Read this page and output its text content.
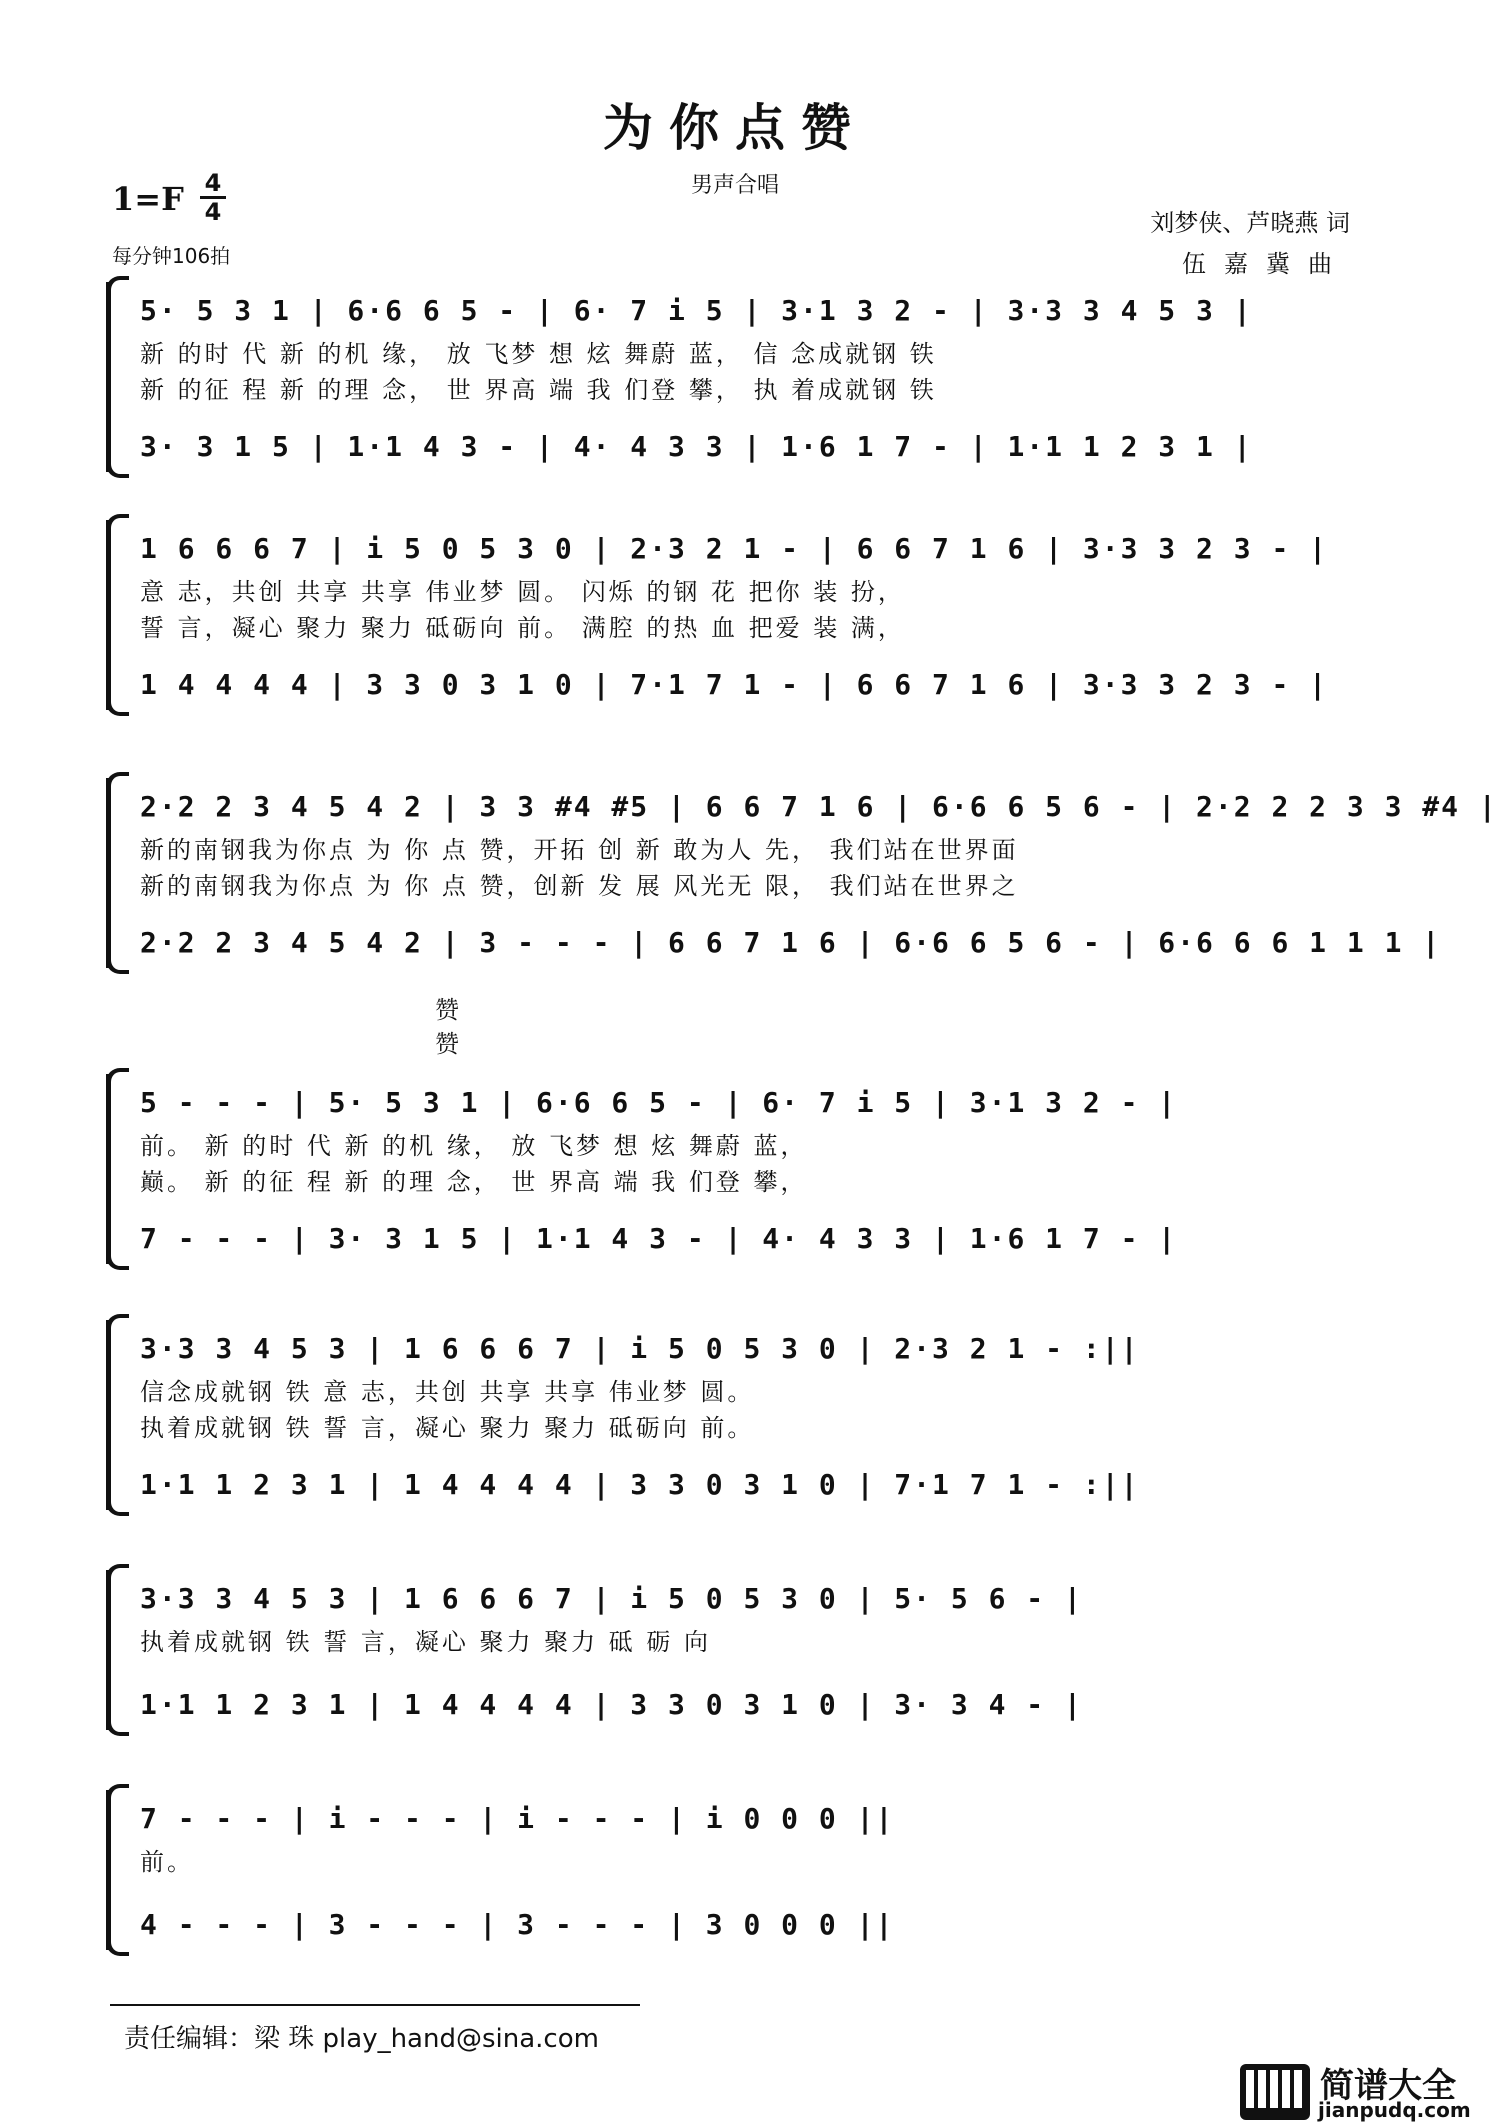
为你点赞
男声合唱
1=F 4
4
每分钟106拍
刘梦侠、芦晓燕 词
伍嘉冀曲
5· 5 3 1 | 6·6 6 5 - | 6· 7 i 5 | 3·1 3 2 - | 3·3 3 4 5 3 |
新 的时 代 新 的机 缘， 放 飞梦 想 炫 舞蔚 蓝， 信 念成就钢 铁
新 的征 程 新 的理 念， 世 界高 端 我 们登 攀， 执 着成就钢 铁
3· 3 1 5 | 1·1 4 3 - | 4· 4 3 3 | 1·6 1 7 - | 1·1 1 2 3 1 |
1 6 6 6 7 | i 5 0 5 3 0 | 2·3 2 1 - | 6 6 7 1 6 | 3·3 3 2 3 - |
意 志，共创 共享 共享 伟业梦 圆。 闪烁 的钢 花 把你 装 扮，
誓 言，凝心 聚力 聚力 砥砺向 前。 满腔 的热 血 把爱 装 满，
1 4 4 4 4 | 3 3 0 3 1 0 | 7·1 7 1 - | 6 6 7 1 6 | 3·3 3 2 3 - |
2·2 2 3 4 5 4 2 | 3 3 #4 #5 | 6 6 7 1 6 | 6·6 6 5 6 - | 2·2 2 2 3 3 #4 |
新的南钢我为你点 为 你 点 赞，开拓 创 新 敢为人 先， 我们站在世界面
新的南钢我为你点 为 你 点 赞，创新 发 展 风光无 限， 我们站在世界之
2·2 2 3 4 5 4 2 | 3 - - - | 6 6 7 1 6 | 6·6 6 5 6 - | 6·6 6 6 1 1 1 |
赞
赞
5 - - - | 5· 5 3 1 | 6·6 6 5 - | 6· 7 i 5 | 3·1 3 2 - |
前。 新 的时 代 新 的机 缘， 放 飞梦 想 炫 舞蔚 蓝，
巅。 新 的征 程 新 的理 念， 世 界高 端 我 们登 攀，
7 - - - | 3· 3 1 5 | 1·1 4 3 - | 4· 4 3 3 | 1·6 1 7 - |
3·3 3 4 5 3 | 1 6 6 6 7 | i 5 0 5 3 0 | 2·3 2 1 - :||
信念成就钢 铁 意 志，共创 共享 共享 伟业梦 圆。
执着成就钢 铁 誓 言，凝心 聚力 聚力 砥砺向 前。
1·1 1 2 3 1 | 1 4 4 4 4 | 3 3 0 3 1 0 | 7·1 7 1 - :||
3·3 3 4 5 3 | 1 6 6 6 7 | i 5 0 5 3 0 | 5· 5 6 - |
执着成就钢 铁 誓 言，凝心 聚力 聚力 砥 砺 向
1·1 1 2 3 1 | 1 4 4 4 4 | 3 3 0 3 1 0 | 3· 3 4 - |
7 - - - | i - - - | i - - - | i 0 0 0 ||
前。
4 - - - | 3 - - - | 3 - - - | 3 0 0 0 ||
责任编辑：梁 珠 play_hand@sina.com
简谱大全
jianpudq.com
